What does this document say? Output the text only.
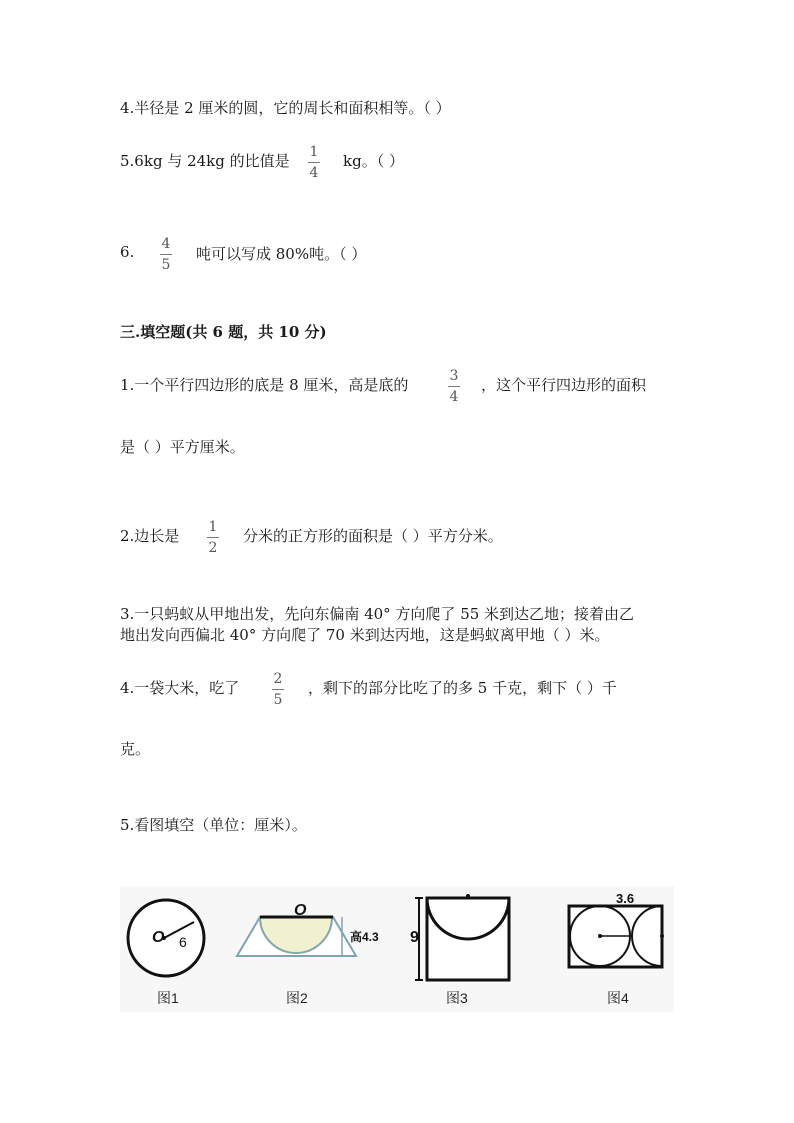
4.半径是 2 厘米的圆，它的周长和面积相等。（ ）
5.6kg 与 24kg 的比值是 1
4
kg。（ ）
6. 4
5
吨可以写成 80%吨。（ ）
三.填空题(共 6 题，共 10 分)
1.一个平行四边形的底是 8 厘米，高是底的	3
4
，这个平行四边形的面积
是（ ）平方厘米。
2.边长是 1
2
分米的正方形的面积是（ ）平方分米。
3.一只蚂蚁从甲地出发，先向东偏南 40° 方向爬了 55 米到达乙地；接着由乙
地出发向西偏北 40° 方向爬了 70 米到达丙地，这是蚂蚁离甲地（ ）米。
4.一袋大米，吃了 2
5
，剩下的部分比吃了的多 5 千克，剩下（ ）千
克。
5.看图填空（单位：厘米）。
O 6
图1
O
高4.3
图2
9
图3
3.6
图4
